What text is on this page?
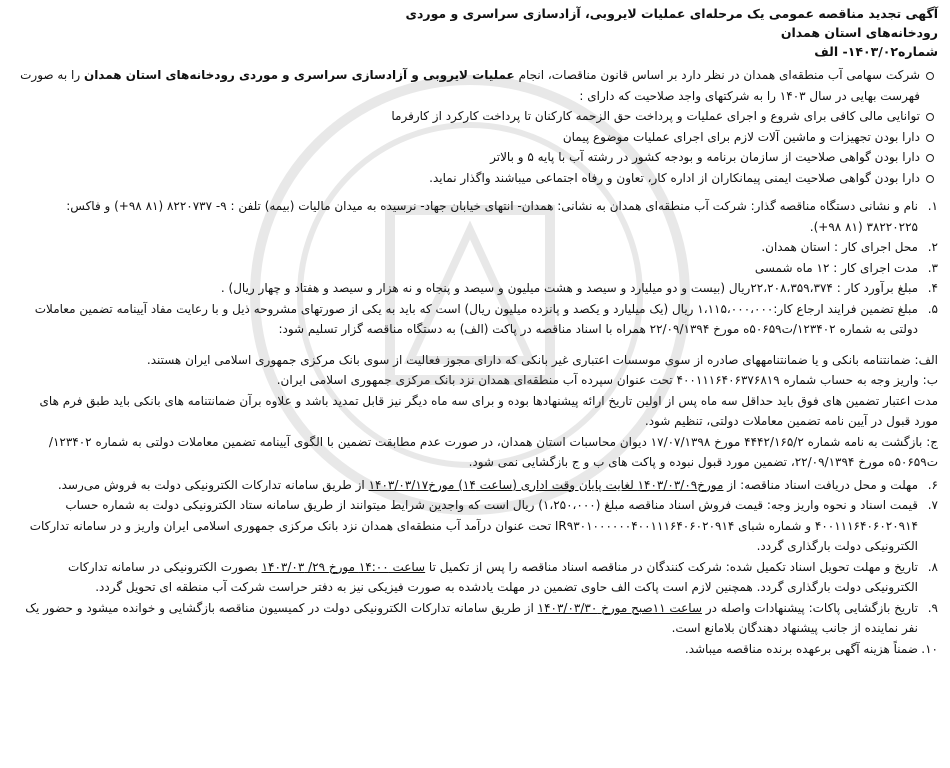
آگهی تجدید مناقصه عمومی یک مرحله‌ای عملیات لایروبی، آزادسازی سراسری و موردی
رودخانه‌های استان همدان
شماره۱۴۰۳/۰۲- الف
شرکت سهامی آب منطقه‌ای همدان در نظر دارد بر اساس قانون مناقصات، انجام عملیات لایروبی و آزادسازی سراسری و موردی رودخانه‌های استان همدان را به صورت فهرست بهایی در سال ۱۴۰۳ را به شرکتهای واجد صلاحیت که دارای :
توانایی مالی کافی برای شروع و اجرای عملیات و پرداخت حق الزحمه کارکنان تا پرداخت کارکرد از کارفرما
دارا بودن تجهیزات و ماشین آلات لازم برای اجرای عملیات موضوع پیمان
دارا بودن گواهی صلاحیت از سازمان برنامه و بودجه کشور در رشته آب با پایه ۵ و بالاتر
دارا بودن گواهی صلاحیت ایمنی پیمانکاران از اداره کار، تعاون و رفاه اجتماعی میباشند واگذار نماید.
۱.
نام و نشانی دستگاه مناقصه گذار: شرکت آب منطقه‌ای همدان به نشانی: همدان- انتهای خیابان جهاد- نرسیده به میدان مالیات (بیمه) تلفن : ۹- ۸۲۲۰۷۳۷ (۸۱ ۹۸+) و فاکس: ۳۸۲۲۰۲۲۵ (۸۱ ۹۸+).
۲.
محل اجرای کار : استان همدان.
۳.
مدت اجرای کار : ۱۲ ماه شمسی
۴.
مبلغ برآورد کار : ۲۲،۲۰۸،۳۵۹،۳۷۴ریال (بیست و دو میلیارد و سیصد و هشت میلیون و سیصد و پنجاه و نه هزار و سیصد و هفتاد و چهار ریال) .
۵.
مبلغ تضمین فرایند ارجاع کار:۱،۱۱۵،۰۰۰،۰۰۰ ریال (یک میلیارد و یکصد و پانزده میلیون ریال) است که باید به یکی از صورتهای مشروحه ذیل و با رعایت مفاد آیینامه تضمین معاملات دولتی به شماره ۱۲۳۴۰۲/ت۵۰۶۵۹ه مورخ ۲۲/۰۹/۱۳۹۴ همراه با اسناد مناقصه در پاکت (الف) به دستگاه مناقصه گزار تسلیم شود:
الف: ضمانتنامه بانکی و یا ضمانتنامههای صادره از سوی موسسات اعتباری غیر بانکی که دارای مجوز فعالیت از سوی بانک مرکزی جمهوری اسلامی ایران هستند.
ب: واریز وجه به حساب شماره ۴۰۰۱۱۱۶۴۰۶۳۷۶۸۱۹ تحت عنوان سپرده آب منطقه‌ای همدان نزد بانک مرکزی جمهوری اسلامی ایران.
مدت اعتبار تضمین های فوق باید حداقل سه ماه پس از اولین تاریخ ارائه پیشنهادها بوده و برای سه ماه دیگر نیز قابل تمدید باشد و علاوه برآن ضمانتنامه های بانکی باید طبق فرم های مورد قبول در آیین نامه تضمین معاملات دولتی، تنظیم شود.
ج: بازگشت به نامه شماره ۴۴۴۲/۱۶۵/۲ مورخ ۱۷/۰۷/۱۳۹۸ دیوان محاسبات استان همدان، در صورت عدم مطابقت تضمین با الگوی آیینامه تضمین معاملات دولتی به شماره ۱۲۳۴۰۲/ت۵۰۶۵۹ه مورخ ۲۲/۰۹/۱۳۹۴، تضمین مورد قبول نبوده و پاکت های ب و ج بازگشایی نمی شود.
۶.
مهلت و محل دریافت اسناد مناقصه: از مورخ۱۴۰۳/۰۳/۰۹ لغایت پایان وقت اداری (ساعت ۱۴) مورخ۱۴۰۳/۰۳/۱۷ از طریق سامانه تدارکات الکترونیکی دولت به فروش می‌رسد.
۷.
قیمت اسناد و نحوه واریز وجه: قیمت فروش اسناد مناقصه مبلغ (۱،۲۵۰،۰۰۰) ریال است که واجدین شرایط میتوانند از طریق سامانه ستاد الکترونیکی دولت به شماره حساب ۴۰۰۱۱۱۶۴۰۶۰۲۰۹۱۴ و شماره شبای IR۹۳۰۱۰۰۰۰۰۰۴۰۰۱۱۱۶۴۰۶۰۲۰۹۱۴ تحت عنوان درآمد آب منطقه‌ای همدان نزد بانک مرکزی جمهوری اسلامی ایران واریز و در سامانه تدارکات الکترونیکی دولت بارگذاری گردد.
۸.
تاریخ و مهلت تحویل اسناد تکمیل شده: شرکت کنندگان در مناقصه اسناد مناقصه را پس از تکمیل تا ساعت ۱۴:۰۰ مورخ ۲۹/ ۱۴۰۳/۰۳ بصورت الکترونیکی در سامانه تدارکات الکترونیکی دولت بارگذاری گردد. همچنین لازم است پاکت الف حاوی تضمین در مهلت یادشده به صورت فیزیکی نیز به دفتر حراست شرکت آب منطقه ای تحویل گردد.
۹.
تاریخ بازگشایی پاکات: پیشنهادات واصله در ساعت ۱۱صبح مورخ ۱۴۰۳/۰۳/۳۰ از طریق سامانه تدارکات الکترونیکی دولت در کمیسیون مناقصه بازگشایی و خوانده میشود و حضور یک نفر نماینده از جانب پیشنهاد دهندگان بلامانع است.
۱۰.
ضمناً هزینه آگهی برعهده برنده مناقصه میباشد.
